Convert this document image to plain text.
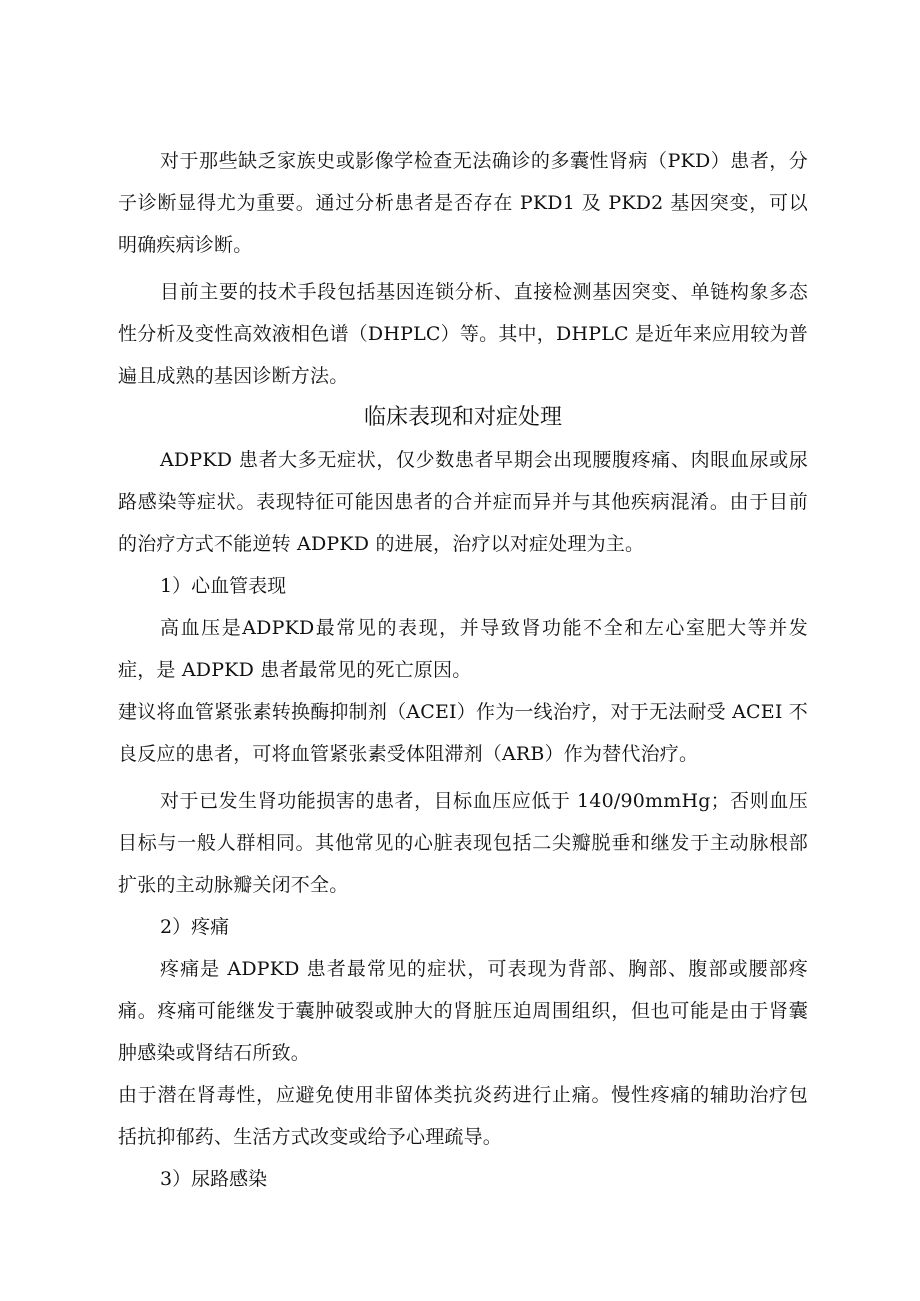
对于那些缺乏家族史或影像学检查无法确诊的多囊性肾病（PKD）患者，分子诊断显得尤为重要。通过分析患者是否存在 PKD1 及 PKD2 基因突变，可以明确疾病诊断。

目前主要的技术手段包括基因连锁分析、直接检测基因突变、单链构象多态性分析及变性高效液相色谱（DHPLC）等。其中，DHPLC 是近年来应用较为普遍且成熟的基因诊断方法。

临床表现和对症处理

ADPKD 患者大多无症状，仅少数患者早期会出现腰腹疼痛、肉眼血尿或尿路感染等症状。表现特征可能因患者的合并症而异并与其他疾病混淆。由于目前的治疗方式不能逆转 ADPKD 的进展，治疗以对症处理为主。

1）心血管表现

高血压是ADPKD最常见的表现，并导致肾功能不全和左心室肥大等并发症，是 ADPKD 患者最常见的死亡原因。

建议将血管紧张素转换酶抑制剂（ACEI）作为一线治疗，对于无法耐受 ACEI 不良反应的患者，可将血管紧张素受体阻滞剂（ARB）作为替代治疗。

对于已发生肾功能损害的患者，目标血压应低于 140/90mmHg；否则血压目标与一般人群相同。其他常见的心脏表现包括二尖瓣脱垂和继发于主动脉根部扩张的主动脉瓣关闭不全。

2）疼痛

疼痛是 ADPKD 患者最常见的症状，可表现为背部、胸部、腹部或腰部疼痛。疼痛可能继发于囊肿破裂或肿大的肾脏压迫周围组织，但也可能是由于肾囊肿感染或肾结石所致。

由于潜在肾毒性，应避免使用非留体类抗炎药进行止痛。慢性疼痛的辅助治疗包括抗抑郁药、生活方式改变或给予心理疏导。

3）尿路感染
